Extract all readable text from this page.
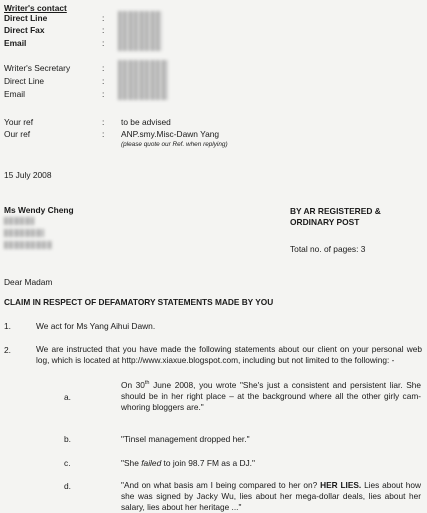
Writer's contact
Direct Line	:
Direct Fax	:
Email	:
Writer's Secretary	:
Direct Line	:
Email	:
Your ref	: to be advised
Our ref	: ANP.smy.Misc-Dawn Yang
(please quote our Ref. when replying)
15 July 2008
Ms Wendy Cheng	BY AR REGISTERED &
ORDINARY POST
Total no. of pages: 3
Dear Madam
CLAIM IN RESPECT OF DEFAMATORY STATEMENTS MADE BY YOU
1.	We act for Ms Yang Aihui Dawn.
2.	We are instructed that you have made the following statements about our client on your personal web log, which is located at http://www.xiaxue.blogspot.com, including but not limited to the following: -
a.
On 30th June 2008, you wrote "She's just a consistent and persistent liar. She should be in her right place – at the background where all the other girly cam-whoring bloggers are."
b.	"Tinsel management dropped her."
c.	"She failed to join 98.7 FM as a DJ."
d.	"And on what basis am I being compared to her on? HER LIES. Lies about how she was signed by Jacky Wu, lies about her mega-dollar deals, lies about her salary, lies about her heritage ..."
